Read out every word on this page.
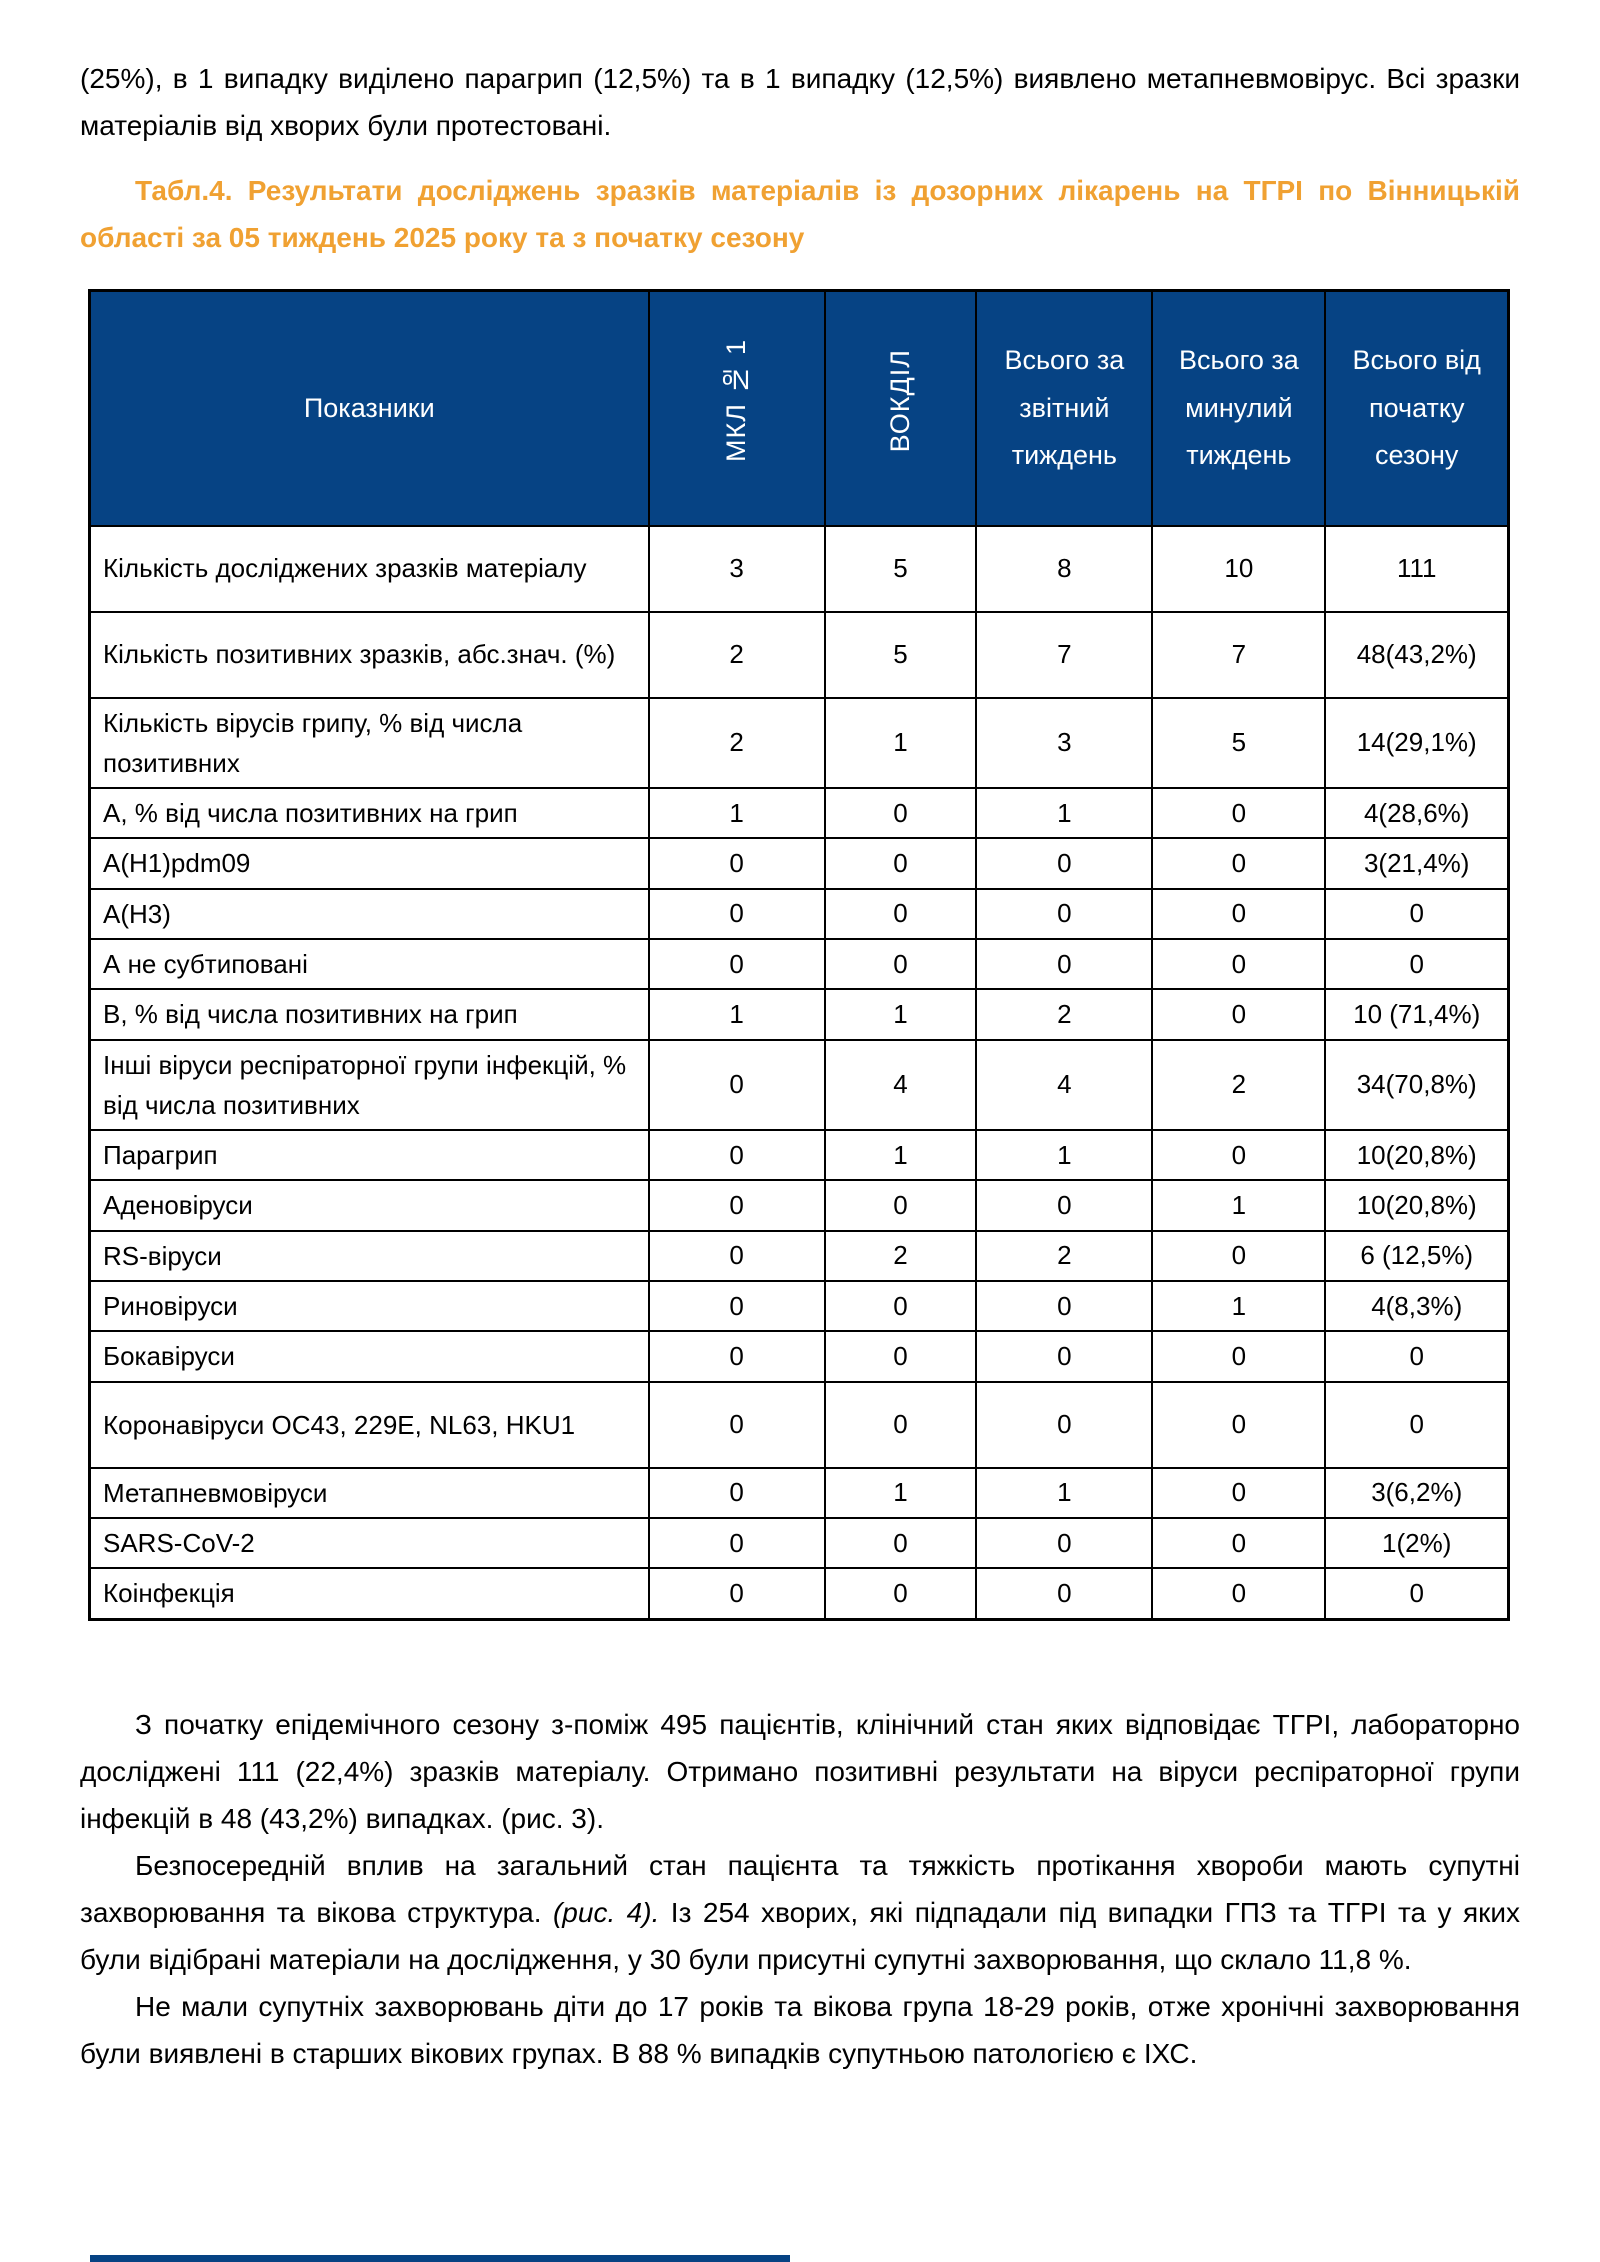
(25%), в 1 випадку виділено парагрип (12,5%) та в 1 випадку (12,5%) виявлено метапневмовірус. Всі зразки матеріалів від хворих були протестовані.

Табл.4. Результати досліджень зразків матеріалів із дозорних лікарень на ТГРІ по Вінницькій області за 05 тиждень 2025 року та з початку сезону

Показники	МКЛ № 1	ВОКДІЛ	Всього за звітний тиждень	Всього за минулий тиждень	Всього від початку сезону
Кількість досліджених зразків матеріалу	3	5	8	10	111
Кількість позитивних зразків, абс.знач. (%)	2	5	7	7	48(43,2%)
Кількість вірусів грипу, % від числа позитивних	2	1	3	5	14(29,1%)
А, % від числа позитивних на грип	1	0	1	0	4(28,6%)
A(H1)pdm09	0	0	0	0	3(21,4%)
A(H3)	0	0	0	0	0
А не субтиповані	0	0	0	0	0
В, % від числа позитивних на грип	1	1	2	0	10 (71,4%)
Інші віруси респіраторної групи інфекцій, % від числа позитивних	0	4	4	2	34(70,8%)
Парагрип	0	1	1	0	10(20,8%)
Аденовіруси	0	0	0	1	10(20,8%)
RS-віруси	0	2	2	0	6 (12,5%)
Риновіруси	0	0	0	1	4(8,3%)
Бокавіруси	0	0	0	0	0
Коронавіруси OC43, 229E, NL63, HKU1	0	0	0	0	0
Метапневмовіруси	0	1	1	0	3(6,2%)
SARS-CoV-2	0	0	0	0	1(2%)
Коінфекція	0	0	0	0	0

З початку епідемічного сезону з-поміж 495 пацієнтів, клінічний стан яких відповідає ТГРІ, лабораторно досліджені 111 (22,4%) зразків матеріалу. Отримано позитивні результати на віруси респіраторної групи інфекцій в 48 (43,2%) випадках. (рис. 3).

Безпосередній вплив на загальний стан пацієнта та тяжкість протікання хвороби мають супутні захворювання та вікова структура. (рис. 4). Із 254 хворих, які підпадали під випадки ГПЗ та ТГРІ та у яких були відібрані матеріали на дослідження, у 30 були присутні супутні захворювання, що склало 11,8 %.

Не мали супутніх захворювань діти до 17 років та вікова група 18-29 років, отже хронічні захворювання були виявлені в старших вікових групах. В 88 % випадків супутньою патологією є ІХС.
